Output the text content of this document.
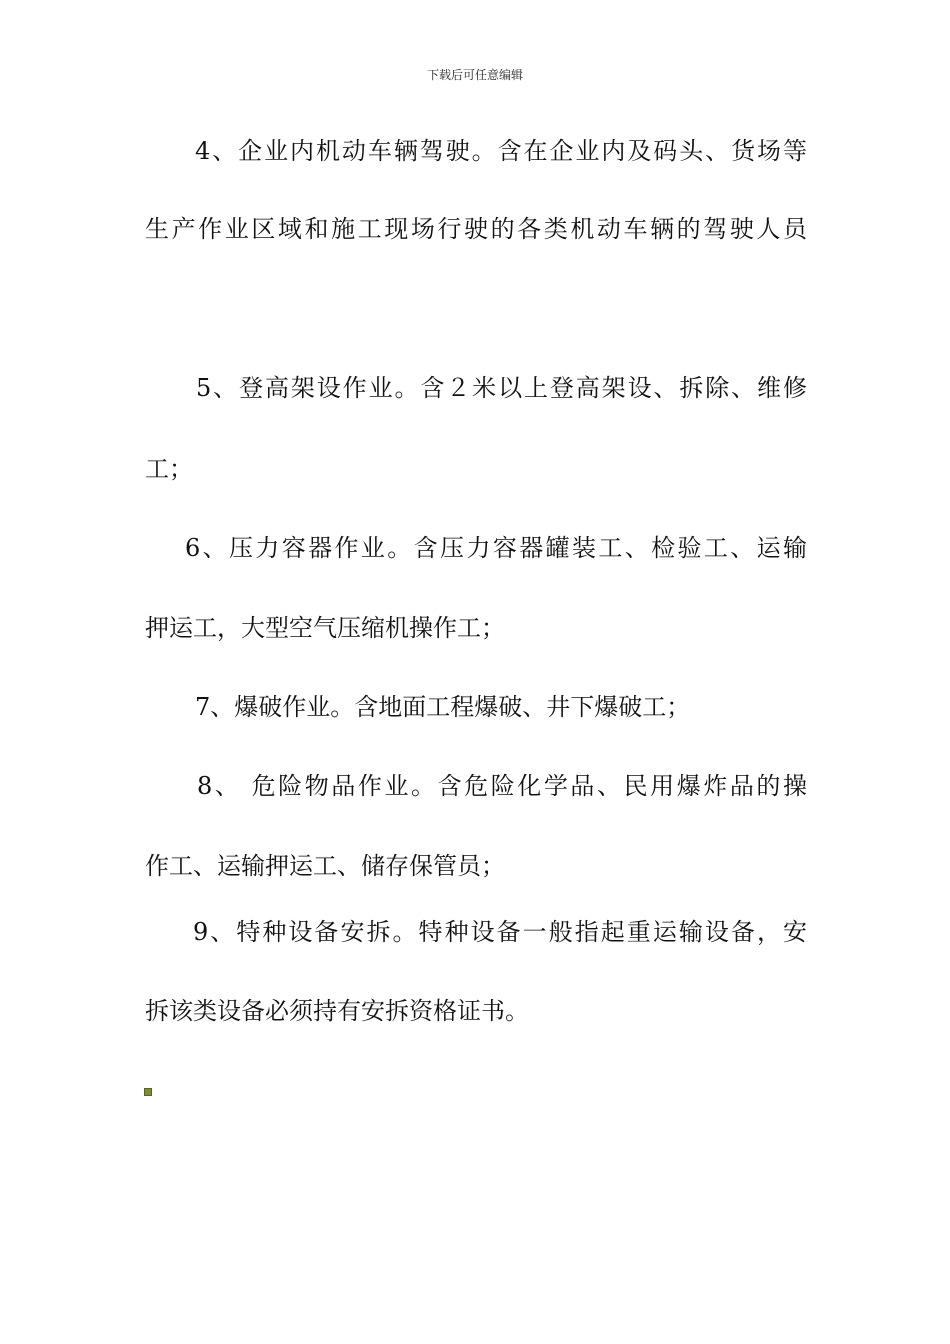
下载后可任意编辑
4、企业内机动车辆驾驶。含在企业内及码头、货场等
生产作业区域和施工现场行驶的各类机动车辆的驾驶人员
5、登高架设作业。含２米以上登高架设、拆除、维修
工；
6、压力容器作业。含压力容器罐装工、检验工、运输
押运工，大型空气压缩机操作工；
7、爆破作业。含地面工程爆破、井下爆破工；
8、 危险物品作业。含危险化学品、民用爆炸品的操
作工、运输押运工、储存保管员；
9、特种设备安拆。特种设备一般指起重运输设备，安
拆该类设备必须持有安拆资格证书。
